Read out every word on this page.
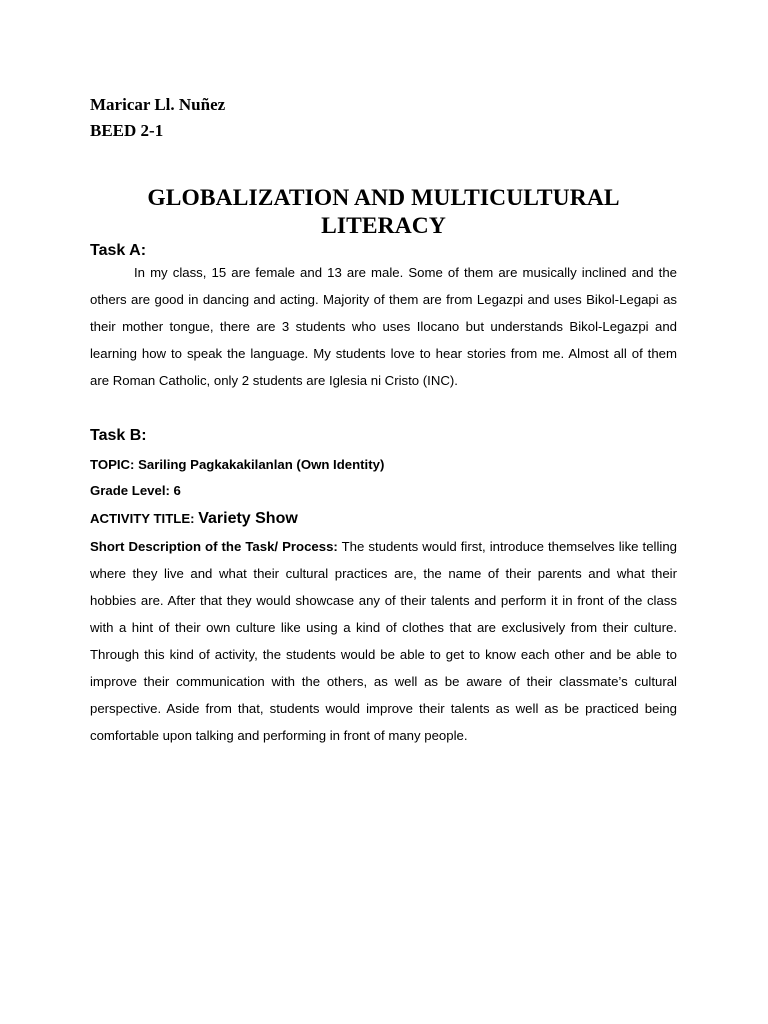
Maricar Ll. Nuñez

BEED 2-1

GLOBALIZATION AND MULTICULTURAL
LITERACY

Task A:

In my class, 15 are female and 13 are male. Some of them are musically inclined and the others are good in dancing and acting. Majority of them are from Legazpi and uses Bikol-Legapi as their mother tongue, there are 3 students who uses Ilocano but understands Bikol-Legazpi and learning how to speak the language. My students love to hear stories from me. Almost all of them are Roman Catholic, only 2 students are Iglesia ni Cristo (INC).

Task B:

TOPIC: Sariling Pagkakakilanlan (Own Identity)

Grade Level: 6

ACTIVITY TITLE: Variety Show

Short Description of the Task/ Process: The students would first, introduce themselves like telling where they live and what their cultural practices are, the name of their parents and what their hobbies are. After that they would showcase any of their talents and perform it in front of the class with a hint of their own culture like using a kind of clothes that are exclusively from their culture. Through this kind of activity, the students would be able to get to know each other and be able to improve their communication with the others, as well as be aware of their classmate’s cultural perspective. Aside from that, students would improve their talents as well as be practiced being comfortable upon talking and performing in front of many people.
